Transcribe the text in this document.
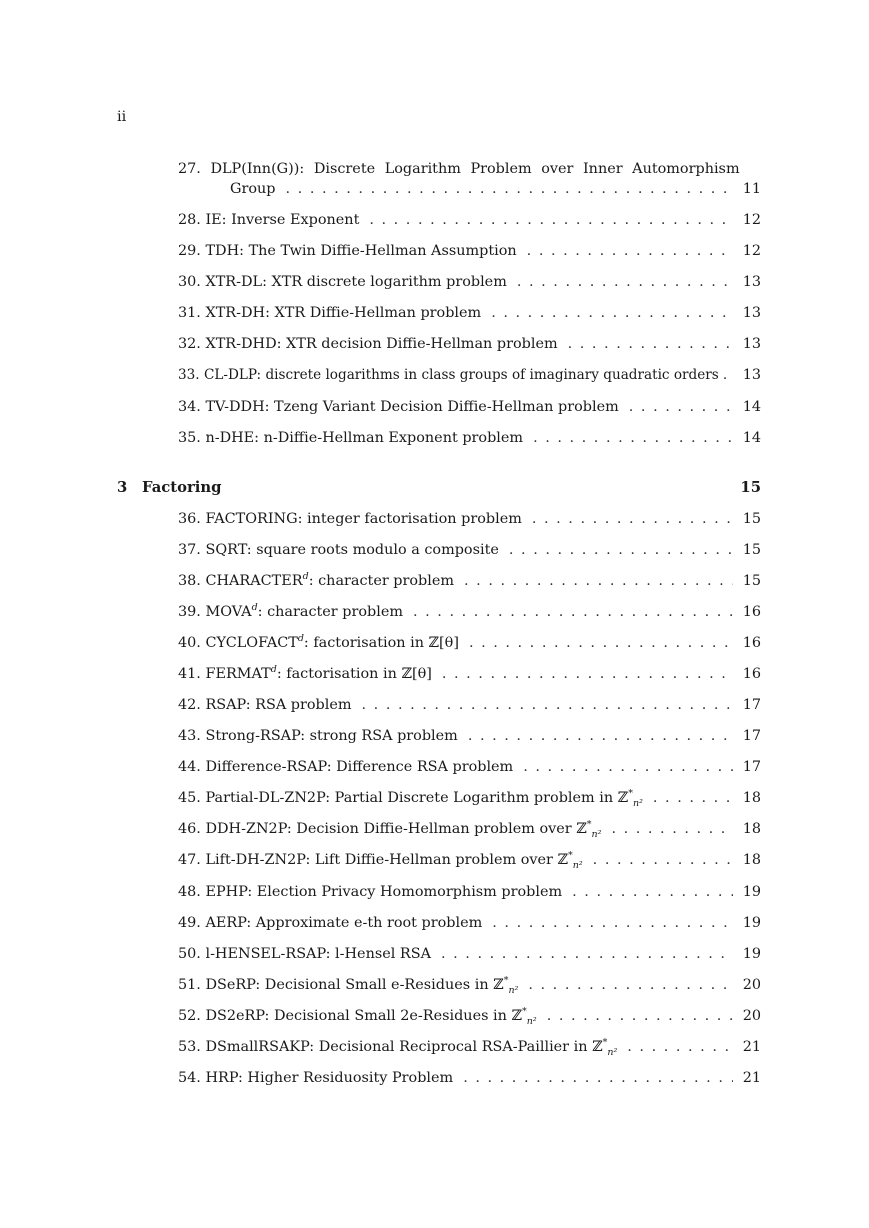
ii
27. DLP(Inn(G)): Discrete Logarithm Problem over Inner Automorphism
Group . . .	11
28. IE: Inverse Exponent . . .	12
29. TDH: The Twin Diffie-Hellman Assumption . . .	12
30. XTR-DL: XTR discrete logarithm problem . . .	13
31. XTR-DH: XTR Diffie-Hellman problem . . .	13
32. XTR-DHD: XTR decision Diffie-Hellman problem . . .	13
33. CL-DLP: discrete logarithms in class groups of imaginary quadratic orders . . . 13
34. TV-DDH: Tzeng Variant Decision Diffie-Hellman problem . . .	14
35. n-DHE: n-Diffie-Hellman Exponent problem . . .	14
3 Factoring	15
36. FACTORING: integer factorisation problem . . .	15
37. SQRT: square roots modulo a composite . . .	15
38. CHARACTER$^d$: character problem . . .	15
39. MOVA$^d$: character problem . . .	16
40. CYCLOFACT$^d$: factorisation in ℤ[θ] . . .	16
41. FERMAT$^d$: factorisation in ℤ[θ] . . .	16
42. RSAP: RSA problem . . .	17
43. Strong-RSAP: strong RSA problem . . .	17
44. Difference-RSAP: Difference RSA problem . . .	17
45. Partial-DL-ZN2P: Partial Discrete Logarithm problem in ℤ*$_{n^2}$ . . .	18
46. DDH-ZN2P: Decision Diffie-Hellman problem over ℤ*$_{n^2}$ . . .	18
47. Lift-DH-ZN2P: Lift Diffie-Hellman problem over ℤ*$_{n^2}$ . . .	18
48. EPHP: Election Privacy Homomorphism problem . . .	19
49. AERP: Approximate e-th root problem . . .	19
50. l-HENSEL-RSAP: l-Hensel RSA . . .	19
51. DSeRP: Decisional Small e-Residues in ℤ*$_{n^2}$ . . .	20
52. DS2eRP: Decisional Small 2e-Residues in ℤ*$_{n^2}$ . . .	20
53. DSmallRSAKP: Decisional Reciprocal RSA-Paillier in ℤ*$_{n^2}$ . . .	21
54. HRP: Higher Residuosity Problem . . .	21
